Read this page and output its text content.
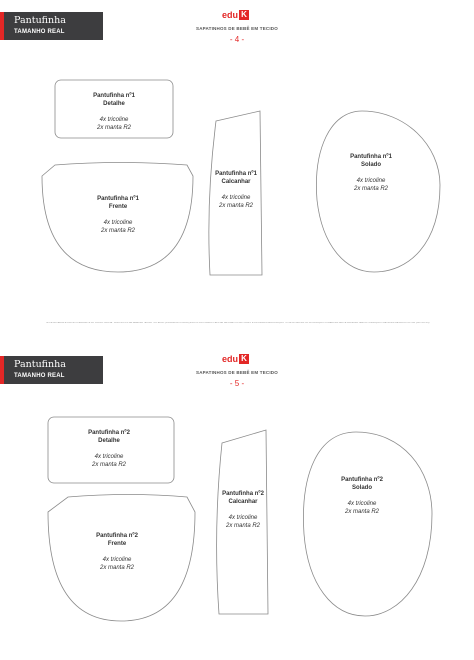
Pantufinha
TAMANHO REAL
edu K
SAPATINHOS DE BEBÊ EM TECIDO
- 4 -
Pantufinha nº1
Detalhe
4x tricoline
2x manta R2
Pantufinha nº1
Frente
4x tricoline
2x manta R2
Pantufinha nº1
Calcanhar
4x tricoline
2x manta R2
Pantufinha nº1
Solado
4x tricoline
2x manta R2
ESTE MATERIAL É PARTE INTEGRANTE DO CURSO ONLINE "SAPATINHOS DE BEBÊ EM TECIDO" DO EDUK (WWW.EDUK.COM.BR) E ESTÁ PROTEGIDO PELA LEI DE DIREITOS AUTORAIS. É PROIBIDA A REPRODUÇÃO TOTAL E PARCIAL OU DIVULGAÇÃO COMERCIAL DESTE MATERIAL SEM AUTORIZAÇÃO PRÉVIA EXPRESSA DO AUTOR (ARTIGO 29)
Pantufinha
TAMANHO REAL
edu K
SAPATINHOS DE BEBÊ EM TECIDO
- 5 -
Pantufinha nº2
Detalhe
4x tricoline
2x manta R2
Pantufinha nº2
Frente
4x tricoline
2x manta R2
Pantufinha nº2
Calcanhar
4x tricoline
2x manta R2
Pantufinha nº2
Solado
4x tricoline
2x manta R2
